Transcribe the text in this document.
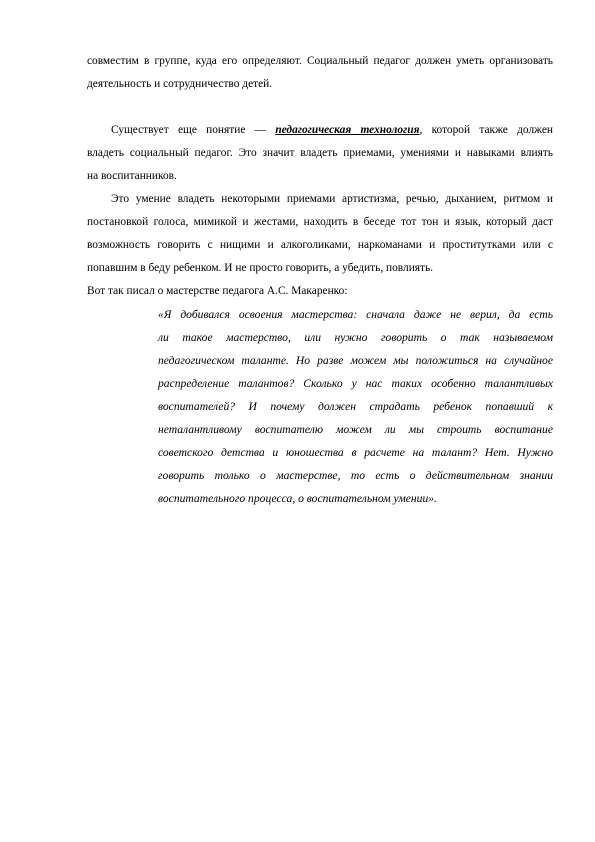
совместим в группе, куда его определяют. Социальный педагог должен уметь организовать
деятельность и сотрудничество детей.
Существует еще понятие — педагогическая технология, которой также должен
владеть социальный педагог. Это значит владеть приемами, умениями и навыками влиять
на воспитанников.
Это умение владеть некоторыми приемами артистизма, речью, дыханием, ритмом и
постановкой голоса, мимикой и жестами, находить в беседе тот тон и язык, который даст
возможность говорить с нищими и алкоголиками, наркоманами и проститутками или с
попавшим в беду ребенком. И не просто говорить, а убедить, повлиять.
Вот так писал о мастерстве педагога А.С. Макаренко:
«Я добивался освоения мастерства: сначала даже не верил, да есть
ли такое мастерство, или нужно говорить о так называемом
педагогическом таланте. Но разве можем мы положиться на случайное
распределение талантов? Сколько у нас таких особенно талантливых
воспитателей? И почему должен страдать ребенок попавший к
неталантливому воспитателю можем ли мы строить воспитание
советского детства и юношества в расчете на талант? Нет. Нужно
говорить только о мастерстве, то есть о действительном знании
воспитательного процесса, о воспитательном умении».
